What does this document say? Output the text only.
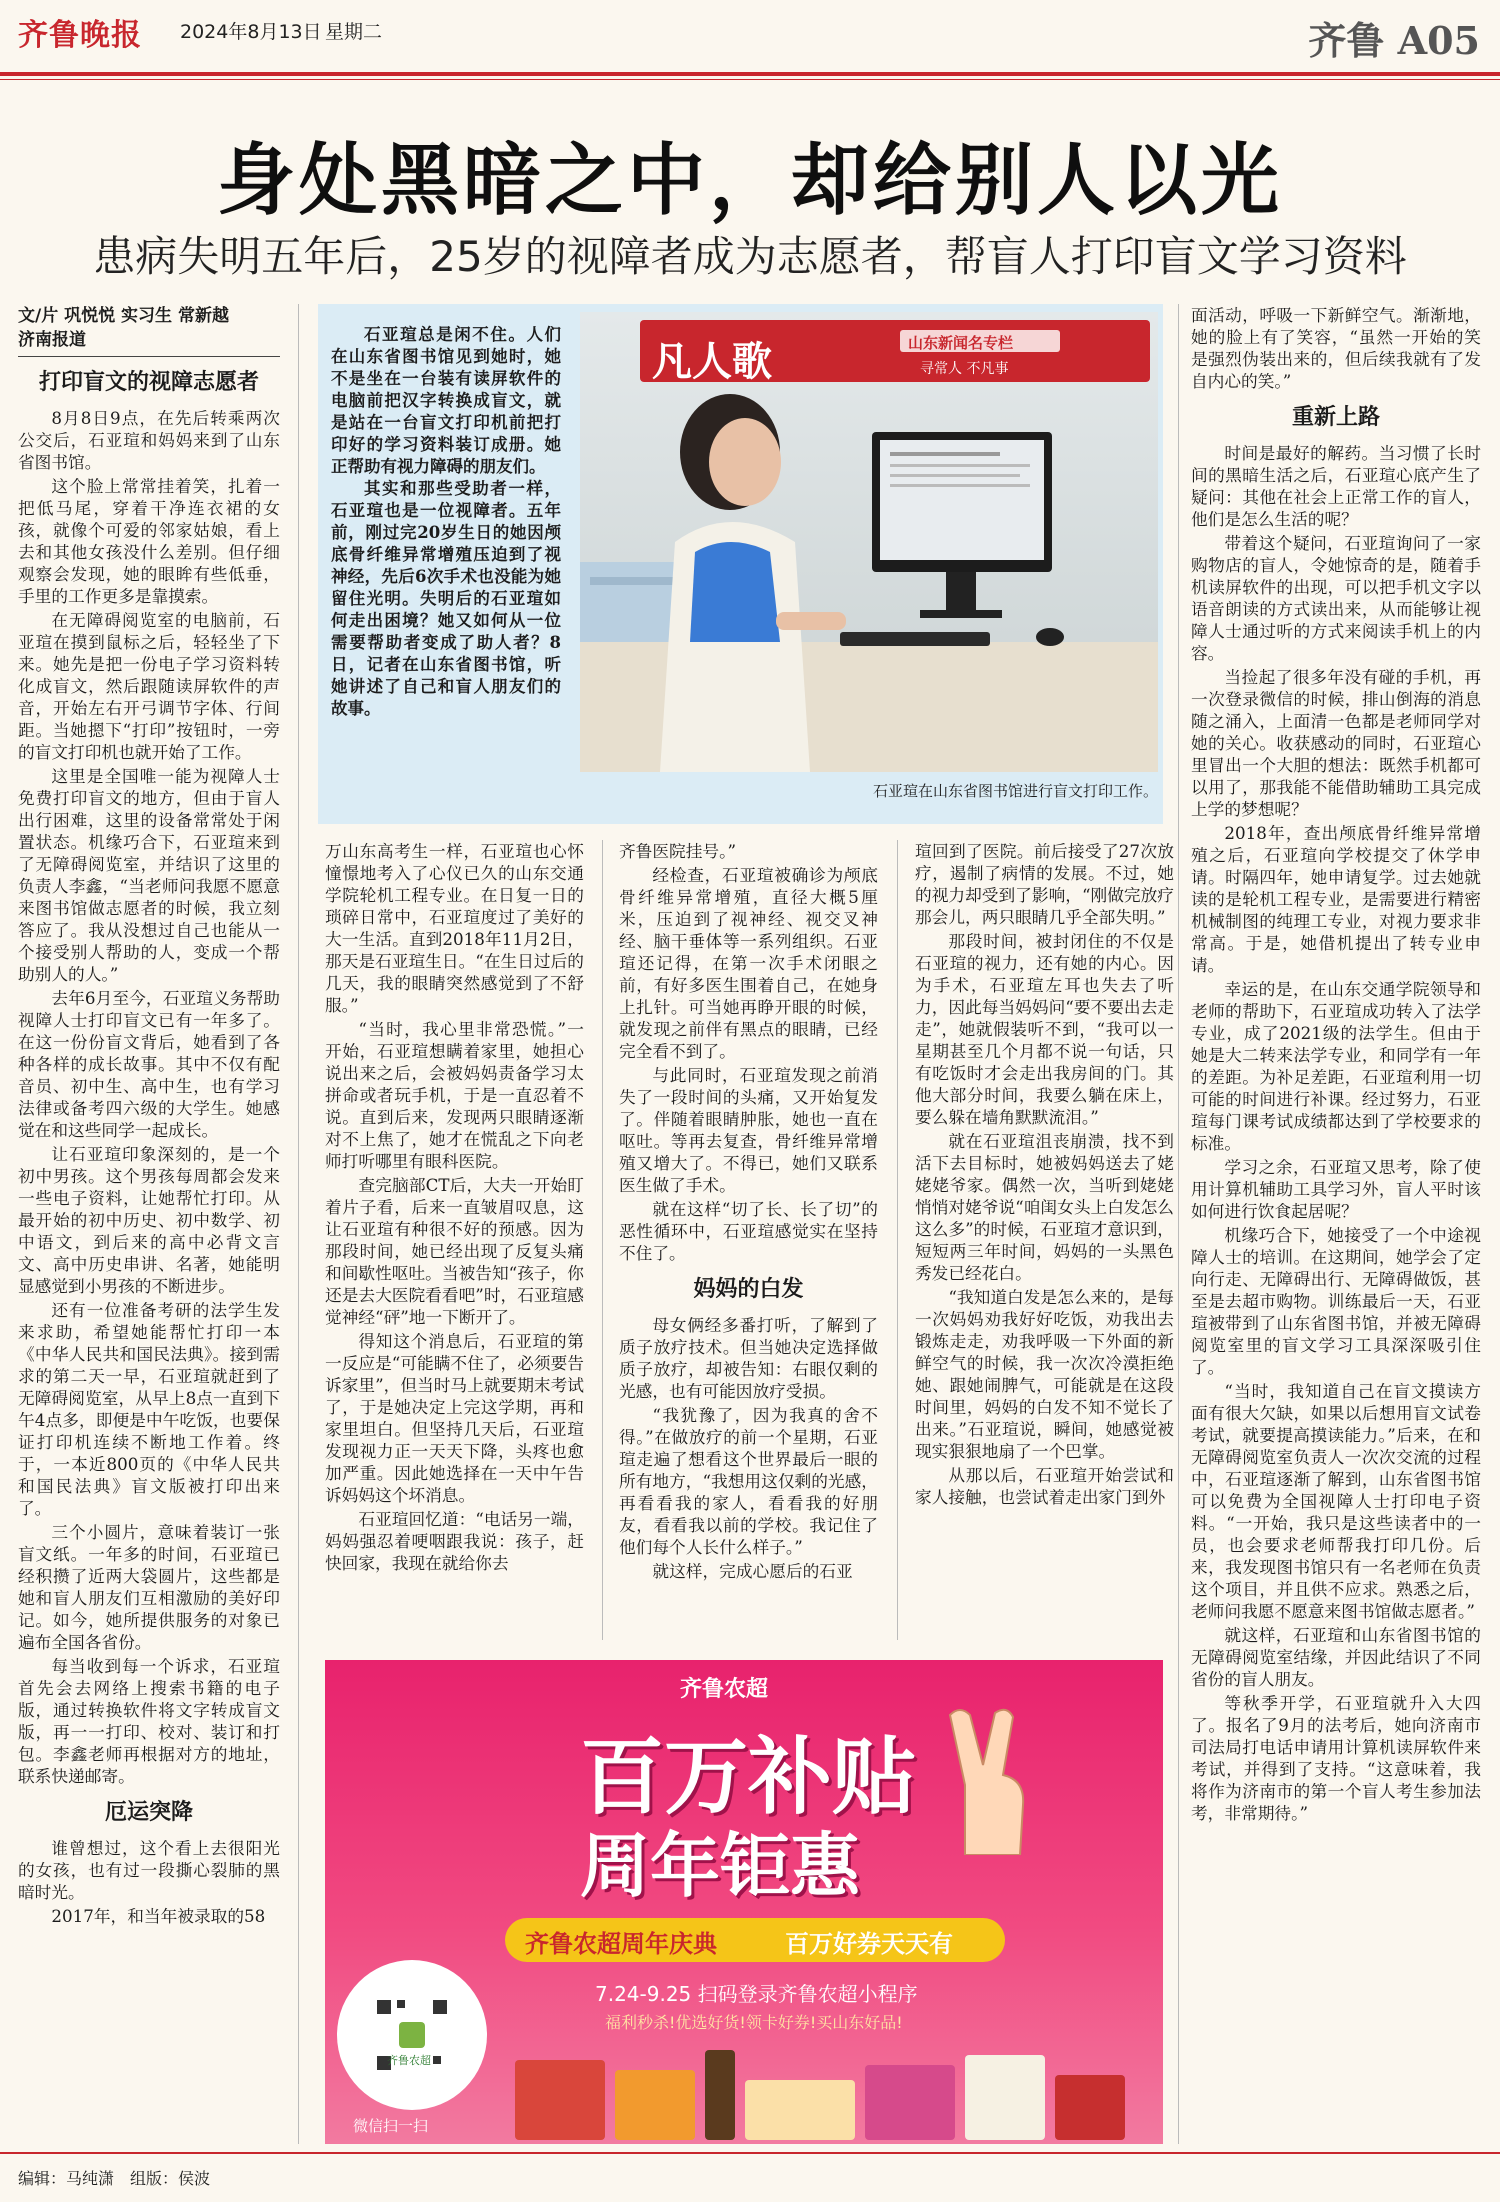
齐鲁晚报 2024年8月13日 星期二	齐鲁 A05
身处黑暗之中，却给别人以光
患病失明五年后，25岁的视障者成为志愿者，帮盲人打印盲文学习资料
文/片 巩悦悦 实习生 常新越
济南报道
打印盲文的视障志愿者

8月8日9点，在先后转乘两次公交后，石亚瑄和妈妈来到了山东省图书馆。

这个脸上常常挂着笑，扎着一把低马尾，穿着干净连衣裙的女孩，就像个可爱的邻家姑娘，看上去和其他女孩没什么差别。但仔细观察会发现，她的眼眸有些低垂，手里的工作更多是靠摸索。

在无障碍阅览室的电脑前，石亚瑄在摸到鼠标之后，轻轻坐了下来。她先是把一份电子学习资料转化成盲文，然后跟随读屏软件的声音，开始左右开弓调节字体、行间距。当她摁下“打印”按钮时，一旁的盲文打印机也就开始了工作。

这里是全国唯一能为视障人士免费打印盲文的地方，但由于盲人出行困难，这里的设备常常处于闲置状态。机缘巧合下，石亚瑄来到了无障碍阅览室，并结识了这里的负责人李鑫，“当老师问我愿不愿意来图书馆做志愿者的时候，我立刻答应了。我从没想过自己也能从一个接受别人帮助的人，变成一个帮助别人的人。”

去年6月至今，石亚瑄义务帮助视障人士打印盲文已有一年多了。在这一份份盲文背后，她看到了各种各样的成长故事。其中不仅有配音员、初中生、高中生，也有学习法律或备考四六级的大学生。她感觉在和这些同学一起成长。

让石亚瑄印象深刻的，是一个初中男孩。这个男孩每周都会发来一些电子资料，让她帮忙打印。从最开始的初中历史、初中数学、初中语文，到后来的高中必背文言文、高中历史串讲、名著，她能明显感觉到小男孩的不断进步。

还有一位准备考研的法学生发来求助，希望她能帮忙打印一本《中华人民共和国民法典》。接到需求的第二天一早，石亚瑄就赶到了无障碍阅览室，从早上8点一直到下午4点多，即便是中午吃饭，也要保证打印机连续不断地工作着。终于，一本近800页的《中华人民共和国民法典》盲文版被打印出来了。

三个小圆片，意味着装订一张盲文纸。一年多的时间，石亚瑄已经积攒了近两大袋圆片，这些都是她和盲人朋友们互相激励的美好印记。如今，她所提供服务的对象已遍布全国各省份。

每当收到每一个诉求，石亚瑄首先会去网络上搜索书籍的电子版，通过转换软件将文字转成盲文版，再一一打印、校对、装订和打包。李鑫老师再根据对方的地址，联系快递邮寄。

厄运突降

谁曾想过，这个看上去很阳光的女孩，也有过一段撕心裂肺的黑暗时光。

2017年，和当年被录取的58

石亚瑄总是闲不住。人们在山东省图书馆见到她时，她不是坐在一台装有读屏软件的电脑前把汉字转换成盲文，就是站在一台盲文打印机前把打印好的学习资料装订成册。她正帮助有视力障碍的朋友们。

其实和那些受助者一样，石亚瑄也是一位视障者。五年前，刚过完20岁生日的她因颅底骨纤维异常增殖压迫到了视神经，先后6次手术也没能为她留住光明。失明后的石亚瑄如何走出困境？她又如何从一位需要帮助者变成了助人者？8日，记者在山东省图书馆，听她讲述了自己和盲人朋友们的故事。

凡人歌	山东新闻名专栏
寻常人 不凡事
石亚瑄在山东省图书馆进行盲文打印工作。

万山东高考生一样，石亚瑄也心怀憧憬地考入了心仪已久的山东交通学院轮机工程专业。在日复一日的琐碎日常中，石亚瑄度过了美好的大一生活。直到2018年11月2日，那天是石亚瑄生日。“在生日过后的几天，我的眼睛突然感觉到了不舒服。”

“当时，我心里非常恐慌。”一开始，石亚瑄想瞒着家里，她担心说出来之后，会被妈妈责备学习太拼命或者玩手机，于是一直忍着不说。直到后来，发现两只眼睛逐渐对不上焦了，她才在慌乱之下向老师打听哪里有眼科医院。

查完脑部CT后，大夫一开始盯着片子看，后来一直皱眉叹息，这让石亚瑄有种很不好的预感。因为那段时间，她已经出现了反复头痛和间歇性呕吐。当被告知“孩子，你还是去大医院看看吧”时，石亚瑄感觉神经“砰”地一下断开了。

得知这个消息后，石亚瑄的第一反应是“可能瞒不住了，必须要告诉家里”，但当时马上就要期末考试了，于是她决定上完这学期，再和家里坦白。但坚持几天后，石亚瑄发现视力正一天天下降，头疼也愈加严重。因此她选择在一天中午告诉妈妈这个坏消息。

石亚瑄回忆道：“电话另一端，妈妈强忍着哽咽跟我说：孩子，赶快回家，我现在就给你去

齐鲁医院挂号。”

经检查，石亚瑄被确诊为颅底骨纤维异常增殖，直径大概5厘米，压迫到了视神经、视交叉神经、脑干垂体等一系列组织。石亚瑄还记得，在第一次手术闭眼之前，有好多医生围着自己，在她身上扎针。可当她再睁开眼的时候，就发现之前伴有黑点的眼睛，已经完全看不到了。

与此同时，石亚瑄发现之前消失了一段时间的头痛，又开始复发了。伴随着眼睛肿胀，她也一直在呕吐。等再去复查，骨纤维异常增殖又增大了。不得已，她们又联系医生做了手术。

就在这样“切了长、长了切”的恶性循环中，石亚瑄感觉实在坚持不住了。

妈妈的白发

母女俩经多番打听，了解到了质子放疗技术。但当她决定选择做质子放疗，却被告知：右眼仅剩的光感，也有可能因放疗受损。

“我犹豫了，因为我真的舍不得。”在做放疗的前一个星期，石亚瑄走遍了想看这个世界最后一眼的所有地方，“我想用这仅剩的光感，再看看我的家人，看看我的好朋友，看看我以前的学校。我记住了他们每个人长什么样子。”

就这样，完成心愿后的石亚

瑄回到了医院。前后接受了27次放疗，遏制了病情的发展。不过，她的视力却受到了影响，“刚做完放疗那会儿，两只眼睛几乎全部失明。”

那段时间，被封闭住的不仅是石亚瑄的视力，还有她的内心。因为手术，石亚瑄左耳也失去了听力，因此每当妈妈问“要不要出去走走”，她就假装听不到，“我可以一星期甚至几个月都不说一句话，只有吃饭时才会走出我房间的门。其他大部分时间，我要么躺在床上，要么躲在墙角默默流泪。”

就在石亚瑄沮丧崩溃，找不到活下去目标时，她被妈妈送去了姥姥姥爷家。偶然一次，当听到姥姥悄悄对姥爷说“咱闺女头上白发怎么这么多”的时候，石亚瑄才意识到，短短两三年时间，妈妈的一头黑色秀发已经花白。

“我知道白发是怎么来的，是每一次妈妈劝我好好吃饭，劝我出去锻炼走走，劝我呼吸一下外面的新鲜空气的时候，我一次次冷漠拒绝她、跟她闹脾气，可能就是在这段时间里，妈妈的白发不知不觉长了出来。”石亚瑄说，瞬间，她感觉被现实狠狠地扇了一个巴掌。

从那以后，石亚瑄开始尝试和家人接触，也尝试着走出家门到外

面活动，呼吸一下新鲜空气。渐渐地，她的脸上有了笑容，“虽然一开始的笑是强烈伪装出来的，但后续我就有了发自内心的笑。”

重新上路

时间是最好的解药。当习惯了长时间的黑暗生活之后，石亚瑄心底产生了疑问：其他在社会上正常工作的盲人，他们是怎么生活的呢？

带着这个疑问，石亚瑄询问了一家购物店的盲人，令她惊奇的是，随着手机读屏软件的出现，可以把手机文字以语音朗读的方式读出来，从而能够让视障人士通过听的方式来阅读手机上的内容。

当捡起了很多年没有碰的手机，再一次登录微信的时候，排山倒海的消息随之涌入，上面清一色都是老师同学对她的关心。收获感动的同时，石亚瑄心里冒出一个大胆的想法：既然手机都可以用了，那我能不能借助辅助工具完成上学的梦想呢？

2018年，查出颅底骨纤维异常增殖之后，石亚瑄向学校提交了休学申请。时隔四年，她申请复学。过去她就读的是轮机工程专业，是需要进行精密机械制图的纯理工专业，对视力要求非常高。于是，她借机提出了转专业申请。

幸运的是，在山东交通学院领导和老师的帮助下，石亚瑄成功转入了法学专业，成了2021级的法学生。但由于她是大二转来法学专业，和同学有一年的差距。为补足差距，石亚瑄利用一切可能的时间进行补课。经过努力，石亚瑄每门课考试成绩都达到了学校要求的标准。

学习之余，石亚瑄又思考，除了使用计算机辅助工具学习外，盲人平时该如何进行饮食起居呢？

机缘巧合下，她接受了一个中途视障人士的培训。在这期间，她学会了定向行走、无障碍出行、无障碍做饭，甚至是去超市购物。训练最后一天，石亚瑄被带到了山东省图书馆，并被无障碍阅览室里的盲文学习工具深深吸引住了。

“当时，我知道自己在盲文摸读方面有很大欠缺，如果以后想用盲文试卷考试，就要提高摸读能力。”后来，在和无障碍阅览室负责人一次次交流的过程中，石亚瑄逐渐了解到，山东省图书馆可以免费为全国视障人士打印电子资料。“一开始，我只是这些读者中的一员，也会要求老师帮我打印几份。后来，我发现图书馆只有一名老师在负责这个项目，并且供不应求。熟悉之后，老师问我愿不愿意来图书馆做志愿者。”

就这样，石亚瑄和山东省图书馆的无障碍阅览室结缘，并因此结识了不同省份的盲人朋友。

等秋季开学，石亚瑄就升入大四了。报名了9月的法考后，她向济南市司法局打电话申请用计算机读屏软件来考试，并得到了支持。“这意味着，我将作为济南市的第一个盲人考生参加法考，非常期待。”

齐鲁农超
百万补贴
周年钜惠
齐鲁农超周年庆典	百万好券天天有
7.24-9.25 扫码登录齐鲁农超小程序
福利秒杀!优选好货!领卡好券!买山东好品!
齐鲁农超
微信扫一扫
编辑：马纯潇　组版：侯波
